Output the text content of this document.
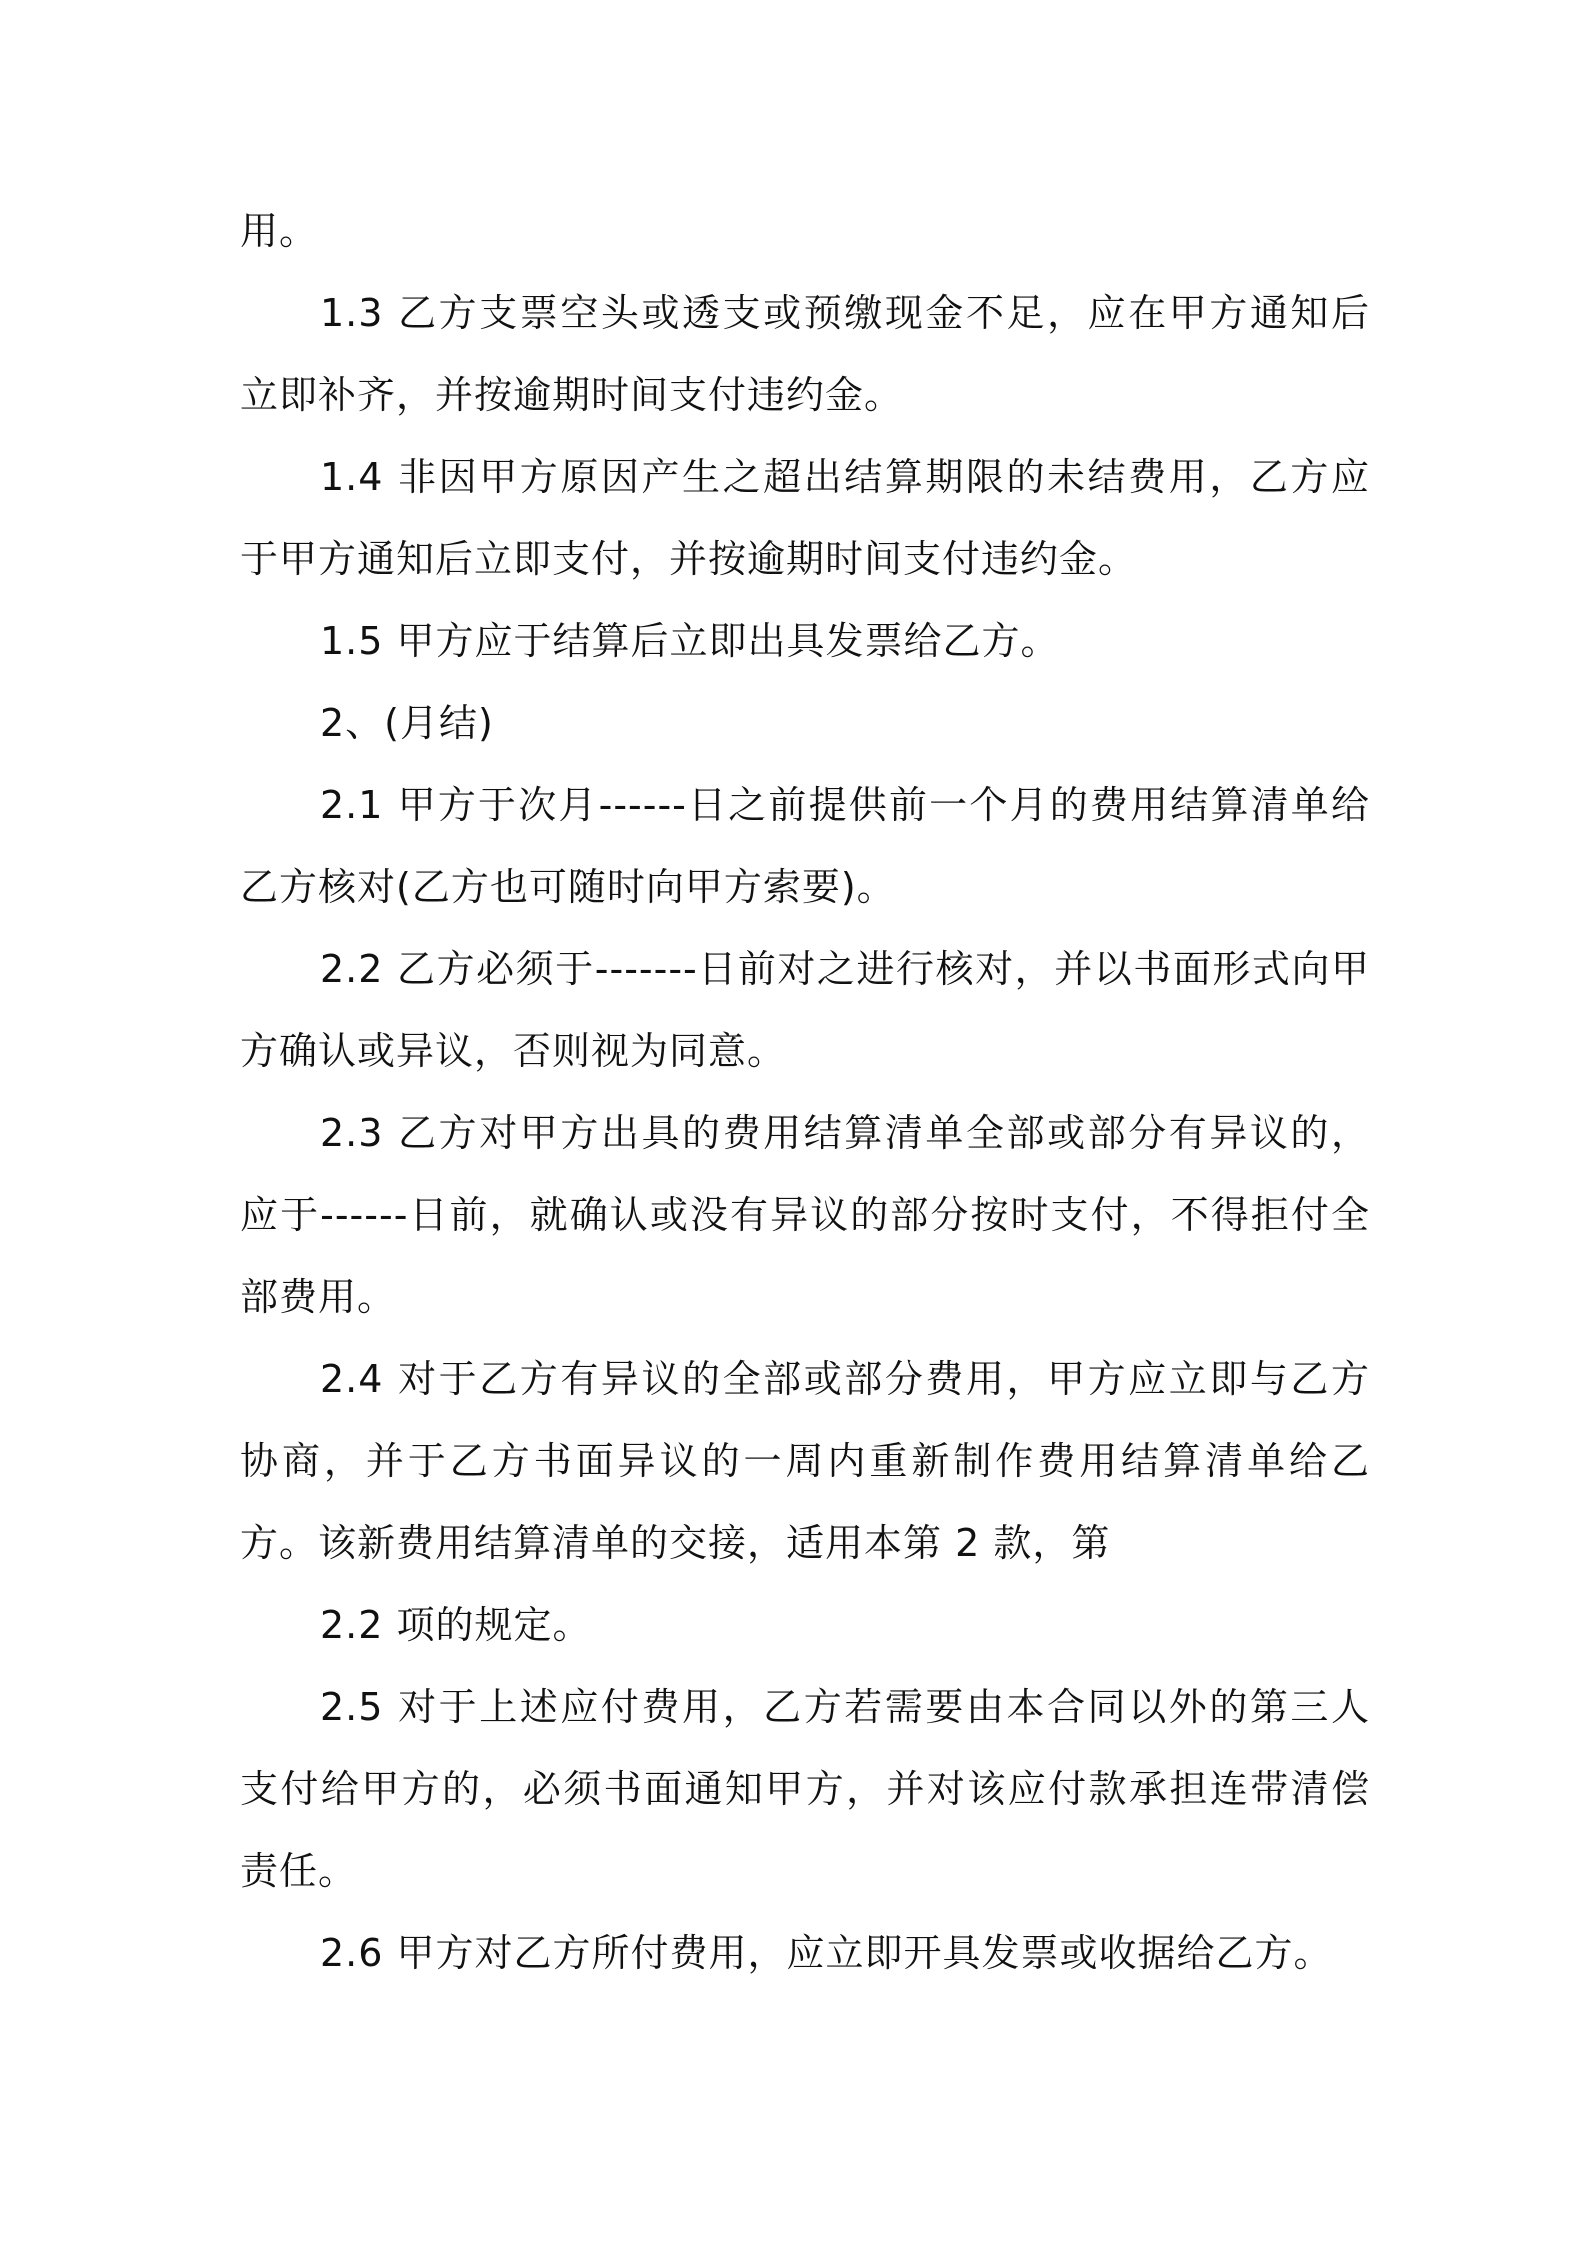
用。

1.3 乙方支票空头或透支或预缴现金不足，应在甲方通知后立即补齐，并按逾期时间支付违约金。

1.4 非因甲方原因产生之超出结算期限的未结费用，乙方应于甲方通知后立即支付，并按逾期时间支付违约金。

1.5 甲方应于结算后立即出具发票给乙方。

2、(月结)

2.1 甲方于次月------日之前提供前一个月的费用结算清单给乙方核对(乙方也可随时向甲方索要)。

2.2 乙方必须于-------日前对之进行核对，并以书面形式向甲方确认或异议，否则视为同意。

2.3 乙方对甲方出具的费用结算清单全部或部分有异议的，应于------日前，就确认或没有异议的部分按时支付，不得拒付全部费用。

2.4 对于乙方有异议的全部或部分费用，甲方应立即与乙方协商，并于乙方书面异议的一周内重新制作费用结算清单给乙方。该新费用结算清单的交接，适用本第 2 款，第

2.2 项的规定。

2.5 对于上述应付费用，乙方若需要由本合同以外的第三人支付给甲方的，必须书面通知甲方，并对该应付款承担连带清偿责任。

2.6 甲方对乙方所付费用，应立即开具发票或收据给乙方。
